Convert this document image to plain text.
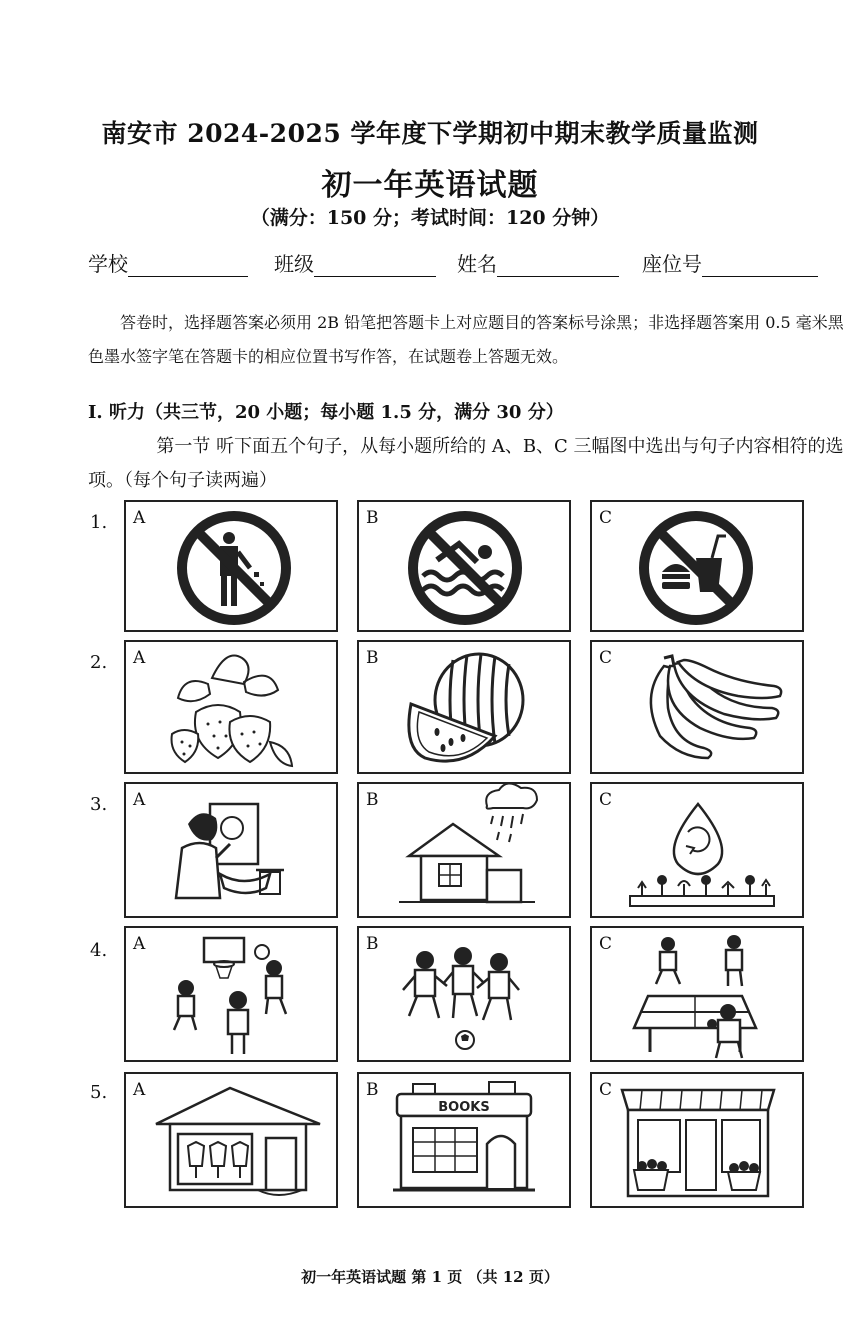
南安市 2024-2025 学年度下学期初中期末教学质量监测
初一年英语试题
（满分：150 分；考试时间：120 分钟）
学校	班级	姓名	座位号
答卷时，选择题答案必须用 2B 铅笔把答题卡上对应题目的答案标号涂黑；非选择题答案用 0.5 毫米黑色墨水签字笔在答题卡的相应位置书写作答，在试题卷上答题无效。
I. 听力（共三节，20 小题；每小题 1.5 分，满分 30 分）
第一节 听下面五个句子，从每小题所给的 A、B、C 三幅图中选出与句子内容相符的选项。（每个句子读两遍）
1. A	B	C
2. A	B	C
3. A	B	C
4. A	B	C
5. A	B
BOOKS
C
初一年英语试题 第 1 页 （共 12 页）
